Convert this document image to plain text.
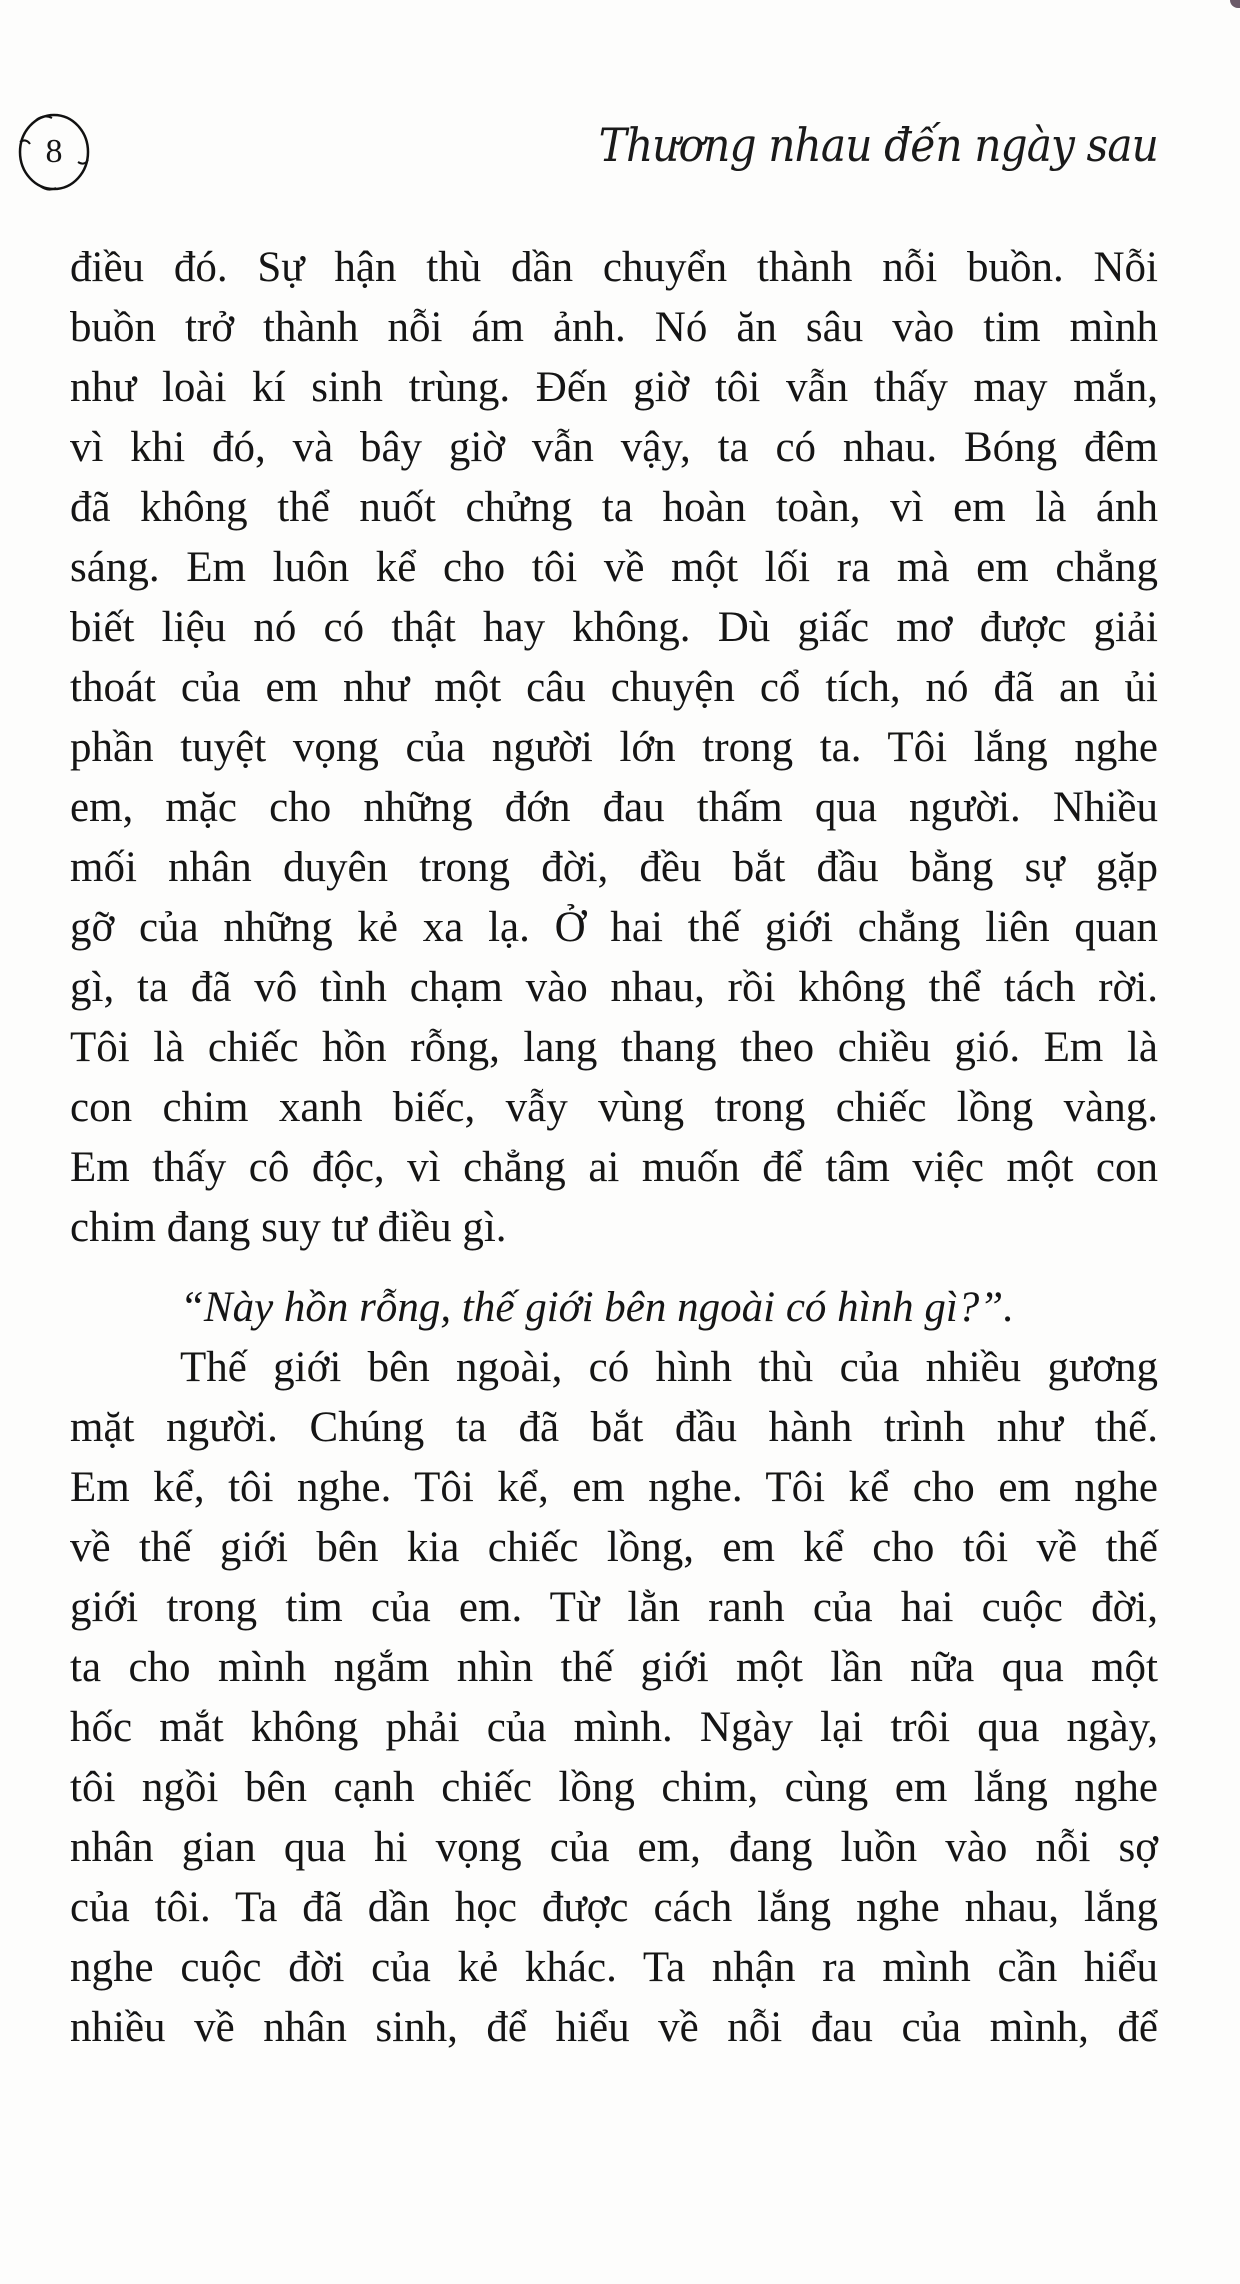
8	Thương nhau đến ngày sau
điều đó. Sự hận thù dần chuyển thành nỗi buồn. Nỗi
buồn trở thành nỗi ám ảnh. Nó ăn sâu vào tim mình
như loài kí sinh trùng. Đến giờ tôi vẫn thấy may mắn,
vì khi đó, và bây giờ vẫn vậy, ta có nhau. Bóng đêm
đã không thể nuốt chửng ta hoàn toàn, vì em là ánh
sáng. Em luôn kể cho tôi về một lối ra mà em chẳng
biết liệu nó có thật hay không. Dù giấc mơ được giải
thoát của em như một câu chuyện cổ tích, nó đã an ủi
phần tuyệt vọng của người lớn trong ta. Tôi lắng nghe
em, mặc cho những đớn đau thấm qua người. Nhiều
mối nhân duyên trong đời, đều bắt đầu bằng sự gặp
gỡ của những kẻ xa lạ. Ở hai thế giới chẳng liên quan
gì, ta đã vô tình chạm vào nhau, rồi không thể tách rời.
Tôi là chiếc hồn rỗng, lang thang theo chiều gió. Em là
con chim xanh biếc, vẫy vùng trong chiếc lồng vàng.
Em thấy cô độc, vì chẳng ai muốn để tâm việc một con
chim đang suy tư điều gì.
“Này hồn rỗng, thế giới bên ngoài có hình gì?”.
Thế giới bên ngoài, có hình thù của nhiều gương
mặt người. Chúng ta đã bắt đầu hành trình như thế.
Em kể, tôi nghe. Tôi kể, em nghe. Tôi kể cho em nghe
về thế giới bên kia chiếc lồng, em kể cho tôi về thế
giới trong tim của em. Từ lằn ranh của hai cuộc đời,
ta cho mình ngắm nhìn thế giới một lần nữa qua một
hốc mắt không phải của mình. Ngày lại trôi qua ngày,
tôi ngồi bên cạnh chiếc lồng chim, cùng em lắng nghe
nhân gian qua hi vọng của em, đang luồn vào nỗi sợ
của tôi. Ta đã dần học được cách lắng nghe nhau, lắng
nghe cuộc đời của kẻ khác. Ta nhận ra mình cần hiểu
nhiều về nhân sinh, để hiểu về nỗi đau của mình, để
